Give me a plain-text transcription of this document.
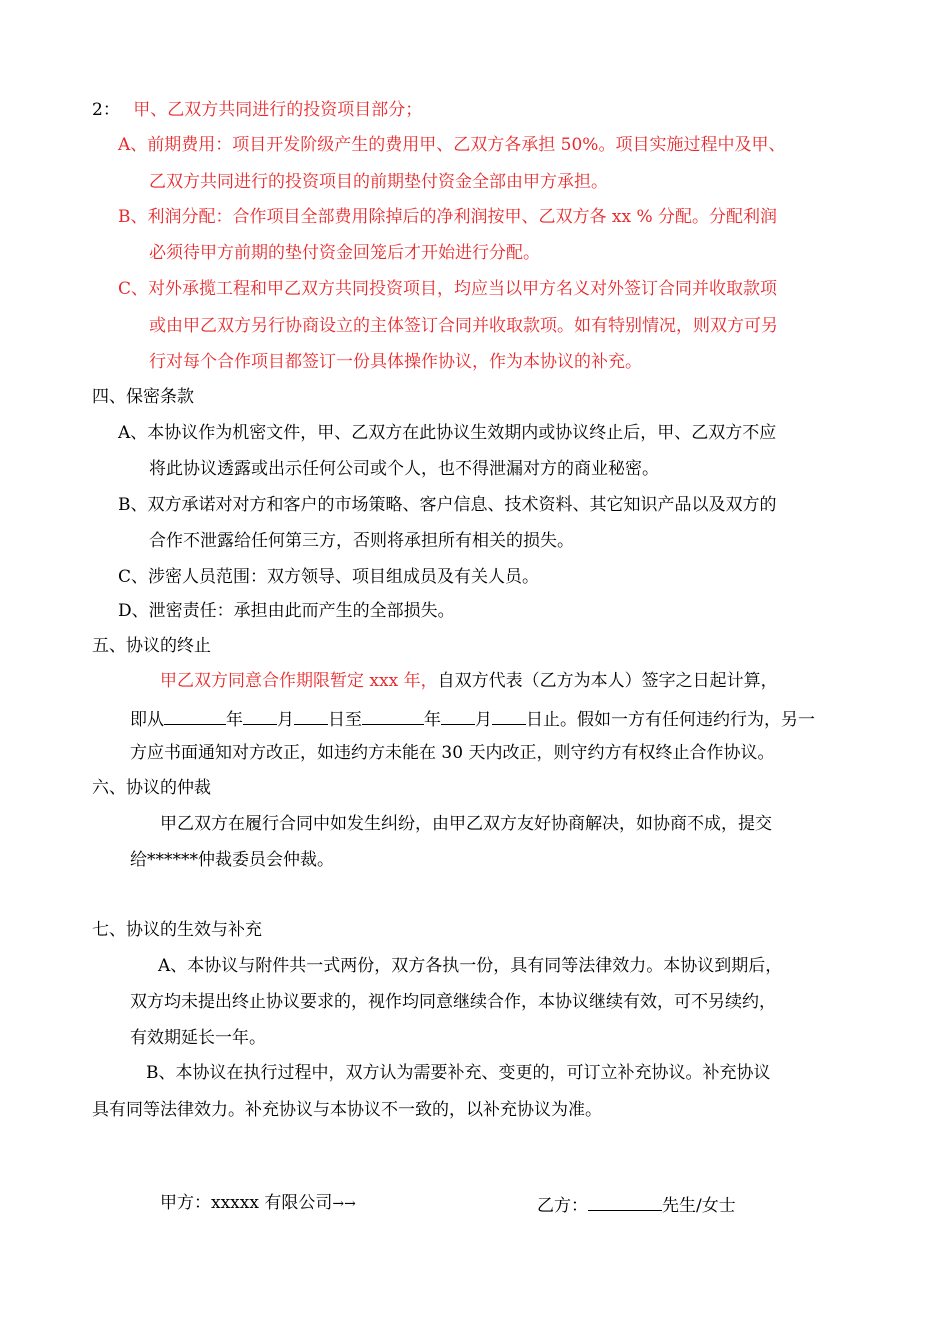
2： 甲、乙双方共同进行的投资项目部分；
A、前期费用：项目开发阶级产生的费用甲、乙双方各承担 50%。项目实施过程中及甲、
乙双方共同进行的投资项目的前期垫付资金全部由甲方承担。
B、利润分配：合作项目全部费用除掉后的净利润按甲、乙双方各 xx % 分配。分配利润
必须待甲方前期的垫付资金回笼后才开始进行分配。
C、对外承揽工程和甲乙双方共同投资项目，均应当以甲方名义对外签订合同并收取款项
或由甲乙双方另行协商设立的主体签订合同并收取款项。如有特别情况，则双方可另
行对每个合作项目都签订一份具体操作协议，作为本协议的补充。
四、保密条款
A、本协议作为机密文件，甲、乙双方在此协议生效期内或协议终止后，甲、乙双方不应
将此协议透露或出示任何公司或个人，也不得泄漏对方的商业秘密。
B、双方承诺对对方和客户的市场策略、客户信息、技术资料、其它知识产品以及双方的
合作不泄露给任何第三方，否则将承担所有相关的损失。
C、涉密人员范围：双方领导、项目组成员及有关人员。
D、泄密责任：承担由此而产生的全部损失。
五、协议的终止
甲乙双方同意合作期限暂定 xxx 年，自双方代表（乙方为本人）签字之日起计算，
即从	年 月 日至	年 月 日止。假如一方有任何违约行为，另一
方应书面通知对方改正，如违约方未能在 30 天内改正，则守约方有权终止合作协议。
六、协议的仲裁
甲乙双方在履行合同中如发生纠纷，由甲乙双方友好协商解决，如协商不成，提交
给******仲裁委员会仲裁。
七、协议的生效与补充
A、本协议与附件共一式两份，双方各执一份，具有同等法律效力。本协议到期后，
双方均未提出终止协议要求的，视作均同意继续合作，本协议继续有效，可不另续约，
有效期延长一年。
B、本协议在执行过程中，双方认为需要补充、变更的，可订立补充协议。补充协议
具有同等法律效力。补充协议与本协议不一致的，以补充协议为准。
甲方：xxxxx 有限公司→→	乙方：	先生/女士
